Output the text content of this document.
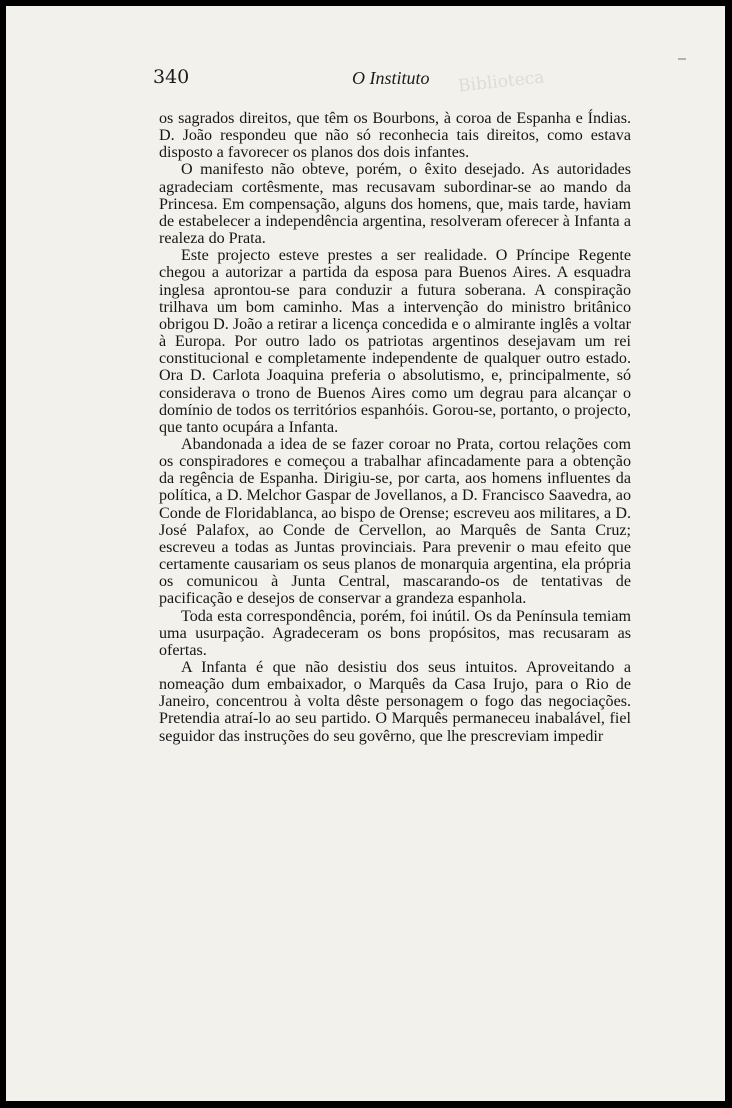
Biblioteca
340	O Instituto

os sagrados direitos, que têm os Bourbons, à coroa de Espanha e Índias. D. João respondeu que não só reconhecia tais direitos, como estava disposto a favorecer os planos dos dois infantes.

O manifesto não obteve, porém, o êxito desejado. As autoridades agradeciam cortêsmente, mas recusavam subordinar-se ao mando da Princesa. Em compensação, alguns dos homens, que, mais tarde, haviam de estabelecer a independência argentina, resolveram oferecer à Infanta a realeza do Prata.

Este projecto esteve prestes a ser realidade. O Príncipe Regente chegou a autorizar a partida da esposa para Buenos Aires. A esquadra inglesa aprontou-se para conduzir a futura soberana. A conspiração trilhava um bom caminho. Mas a intervenção do ministro britânico obrigou D. João a retirar a licença concedida e o almirante inglês a voltar à Europa. Por outro lado os patriotas argentinos desejavam um rei constitucional e completamente independente de qualquer outro estado. Ora D. Carlota Joaquina preferia o absolutismo, e, principalmente, só considerava o trono de Buenos Aires como um degrau para alcançar o domínio de todos os territórios espanhóis. Gorou-se, portanto, o projecto, que tanto ocupára a Infanta.

Abandonada a idea de se fazer coroar no Prata, cortou relações com os conspiradores e começou a trabalhar afincadamente para a obtenção da regência de Espanha. Dirigiu-se, por carta, aos homens influentes da política, a D. Melchor Gaspar de Jovellanos, a D. Francisco Saavedra, ao Conde de Floridablanca, ao bispo de Orense; escreveu aos militares, a D. José Palafox, ao Conde de Cervellon, ao Marquês de Santa Cruz; escreveu a todas as Juntas provinciais. Para prevenir o mau efeito que certamente causariam os seus planos de monarquia argentina, ela própria os comunicou à Junta Central, mascarando-os de tentativas de pacificação e desejos de conservar a grandeza espanhola.

Toda esta correspondência, porém, foi inútil. Os da Península temiam uma usurpação. Agradeceram os bons propósitos, mas recusaram as ofertas.

A Infanta é que não desistiu dos seus intuitos. Aproveitando a nomeação dum embaixador, o Marquês da Casa Irujo, para o Rio de Janeiro, concentrou à volta dêste personagem o fogo das negociações. Pretendia atraí-lo ao seu partido. O Marquês permaneceu inabalável, fiel seguidor das instruções do seu govêrno, que lhe prescreviam impedir
